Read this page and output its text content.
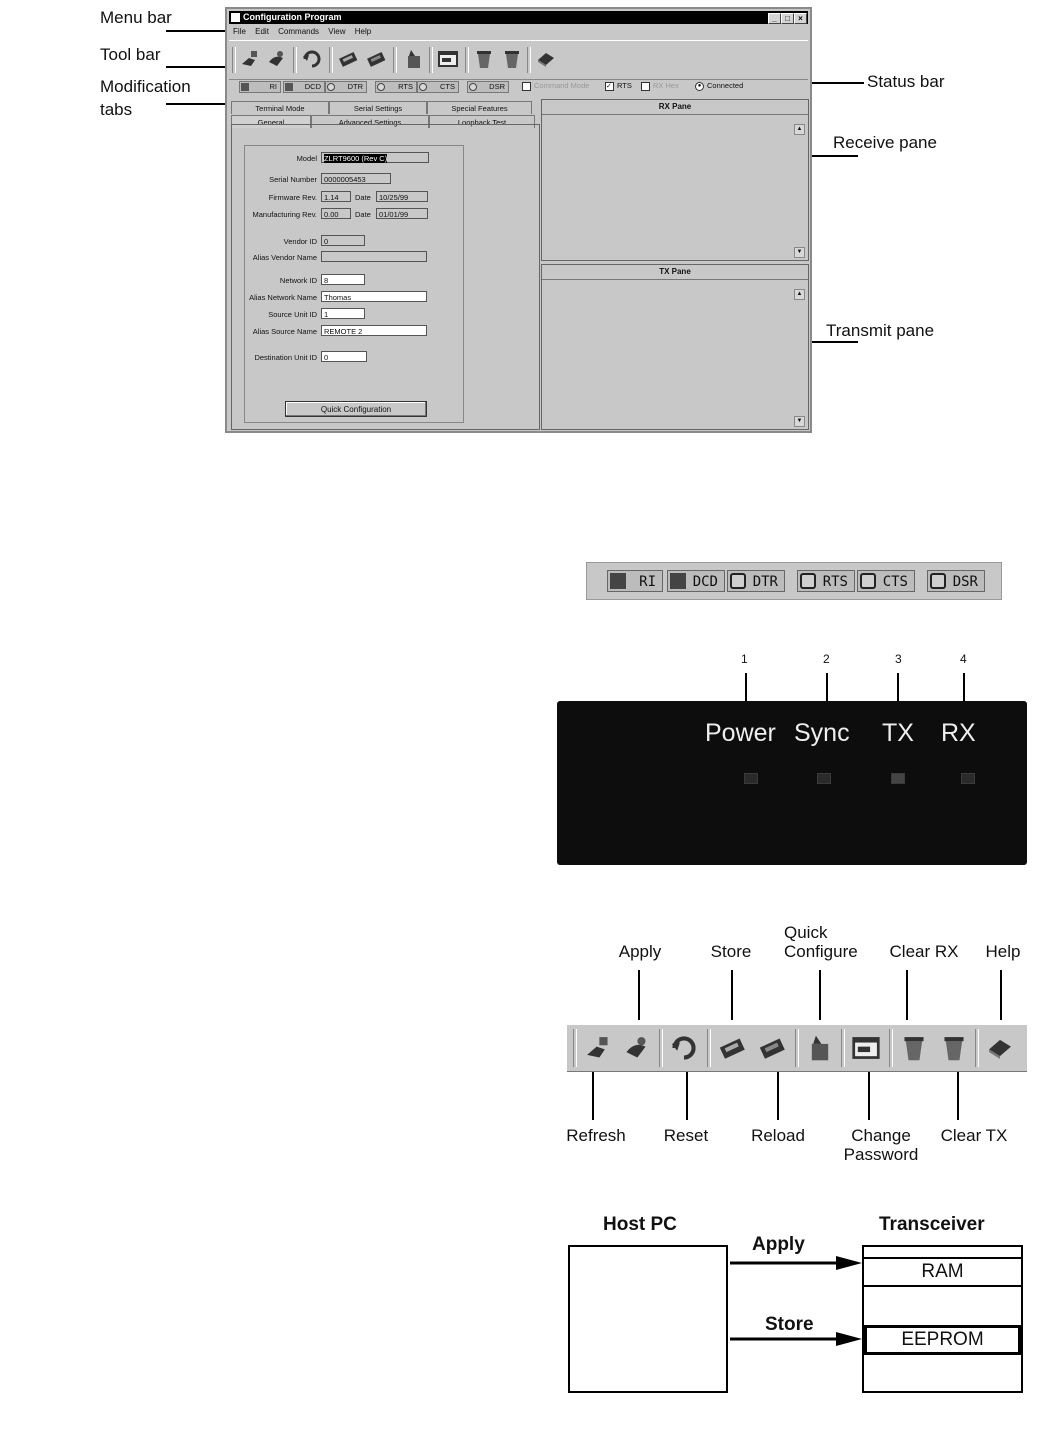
Menu bar
Tool bar
Modification
tabs
Status bar
Receive pane
Transmit pane
Configuration Program	_	□	×
File Edit Commands View Help
RI	DCD	DTR	RTS	CTS	DSR	Command Mode ✓ RTS	RX Hex	● Connected
Terminal Mode	Serial Settings	Special Features
General	Advanced Settings	Loopback Test
Model ZLRT9600 (Rev C)
Serial Number 0000005453
Firmware Rev. 1.14	Date	10/25/99
Manufacturing Rev. 0.00	Date	01/01/99
Vendor ID 0
Alias Vendor Name
Network ID 8
Alias Network Name Thomas
Source Unit ID 1
Alias Source Name REMOTE 2
Destination Unit ID 0
Quick Configuration
RX Pane
▲
▼
TX Pane
▲
▼
RI	DCD DTR	RTS CTS	DSR
1	2	3	4
Power Sync TX RX
Apply	Store
Quick
Configure	Clear RX	Help
Refresh	Reset	Reload	Change
Password
Clear TX
Host PC	Transceiver
RAM
EEPROM
Apply
Store
